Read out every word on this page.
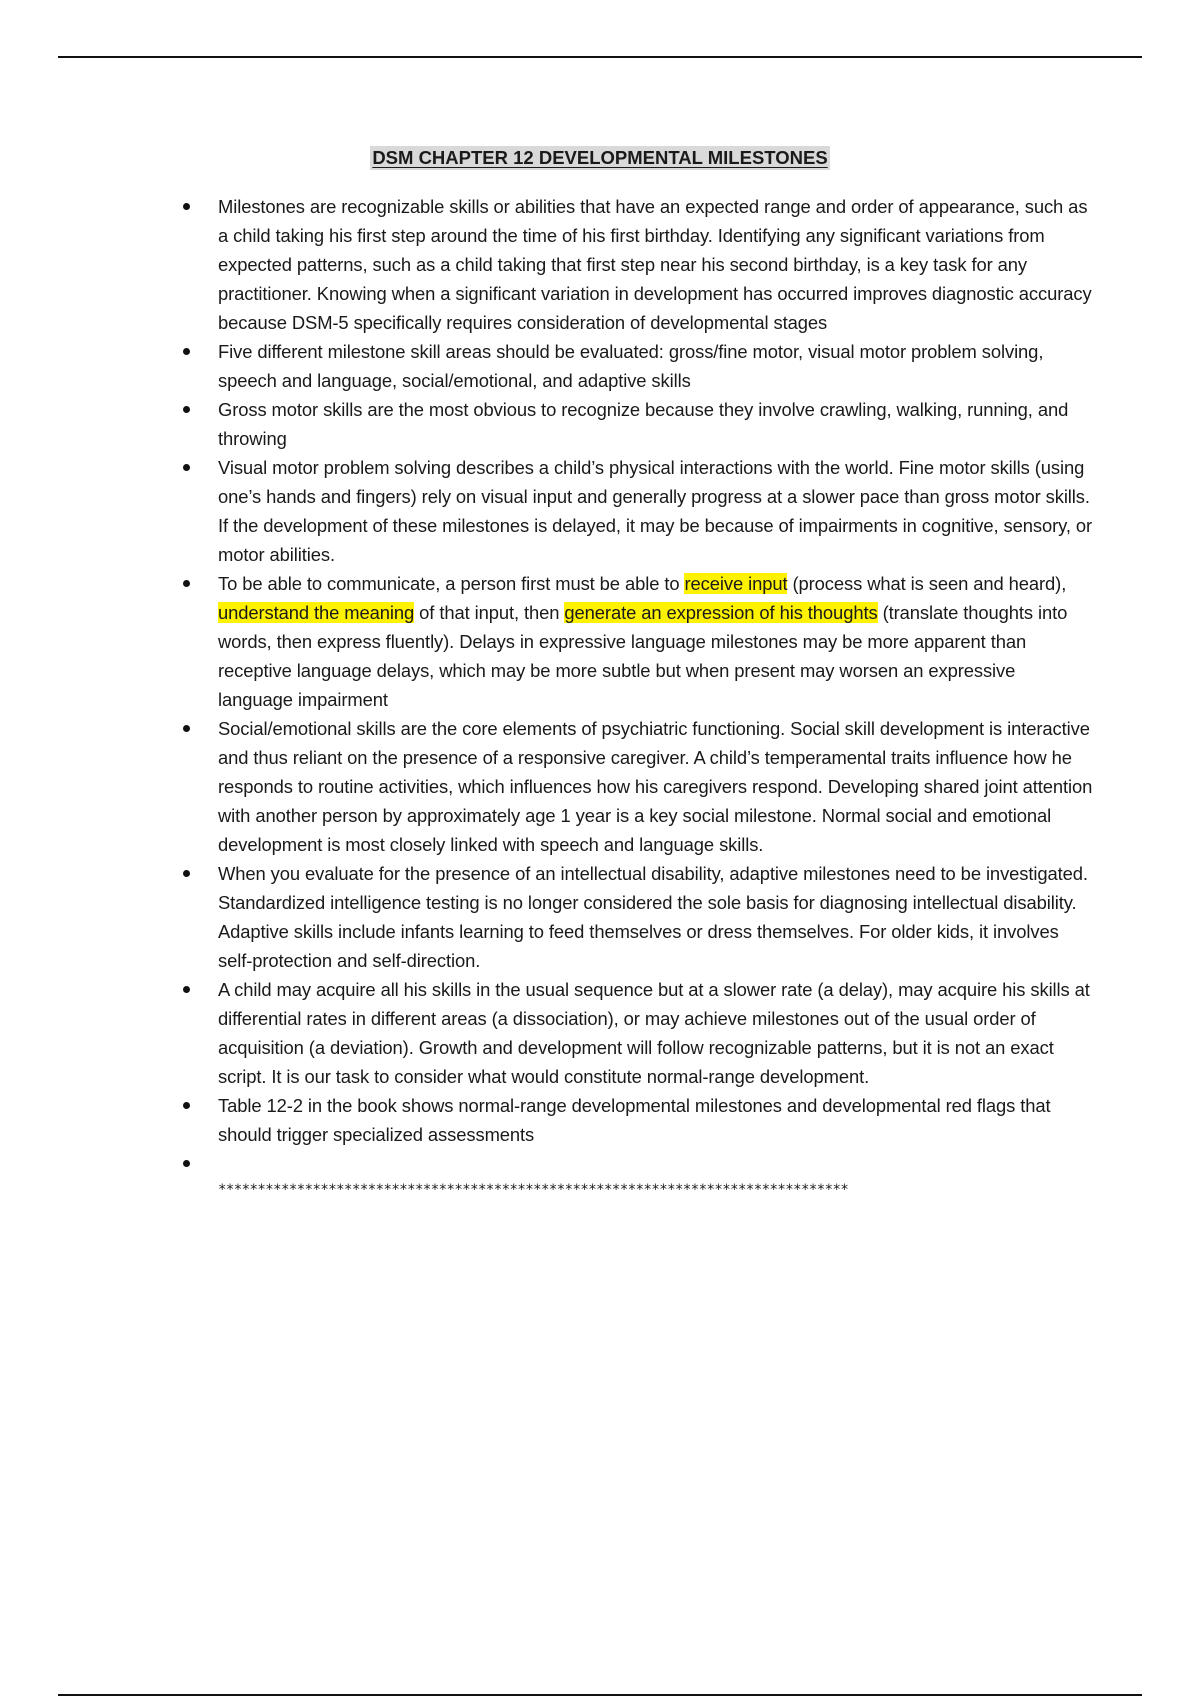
DSM CHAPTER 12 DEVELOPMENTAL MILESTONES
Milestones are recognizable skills or abilities that have an expected range and order of appearance, such as a child taking his first step around the time of his first birthday. Identifying any significant variations from expected patterns, such as a child taking that first step near his second birthday, is a key task for any practitioner. Knowing when a significant variation in development has occurred improves diagnostic accuracy because DSM-5 specifically requires consideration of developmental stages
Five different milestone skill areas should be evaluated: gross/fine motor, visual motor problem solving, speech and language, social/emotional, and adaptive skills
Gross motor skills are the most obvious to recognize because they involve crawling, walking, running, and throwing
Visual motor problem solving describes a child’s physical interactions with the world. Fine motor skills (using one’s hands and fingers) rely on visual input and generally progress at a slower pace than gross motor skills. If the development of these milestones is delayed, it may be because of impairments in cognitive, sensory, or motor abilities.
To be able to communicate, a person first must be able to receive input (process what is seen and heard), understand the meaning of that input, then generate an expression of his thoughts (translate thoughts into words, then express fluently). Delays in expressive language milestones may be more apparent than receptive language delays, which may be more subtle but when present may worsen an expressive language impairment
Social/emotional skills are the core elements of psychiatric functioning. Social skill development is interactive and thus reliant on the presence of a responsive caregiver. A child’s temperamental traits influence how he responds to routine activities, which influences how his caregivers respond. Developing shared joint attention with another person by approximately age 1 year is a key social milestone. Normal social and emotional development is most closely linked with speech and language skills.
When you evaluate for the presence of an intellectual disability, adaptive milestones need to be investigated. Standardized intelligence testing is no longer considered the sole basis for diagnosing intellectual disability. Adaptive skills include infants learning to feed themselves or dress themselves. For older kids, it involves self-protection and self-direction.
A child may acquire all his skills in the usual sequence but at a slower rate (a delay), may acquire his skills at differential rates in different areas (a dissociation), or may achieve milestones out of the usual order of acquisition (a deviation). Growth and development will follow recognizable patterns, but it is not an exact script. It is our task to consider what would constitute normal-range development.
Table 12-2 in the book shows normal-range developmental milestones and developmental red flags that should trigger specialized assessments
********************************************************************************
